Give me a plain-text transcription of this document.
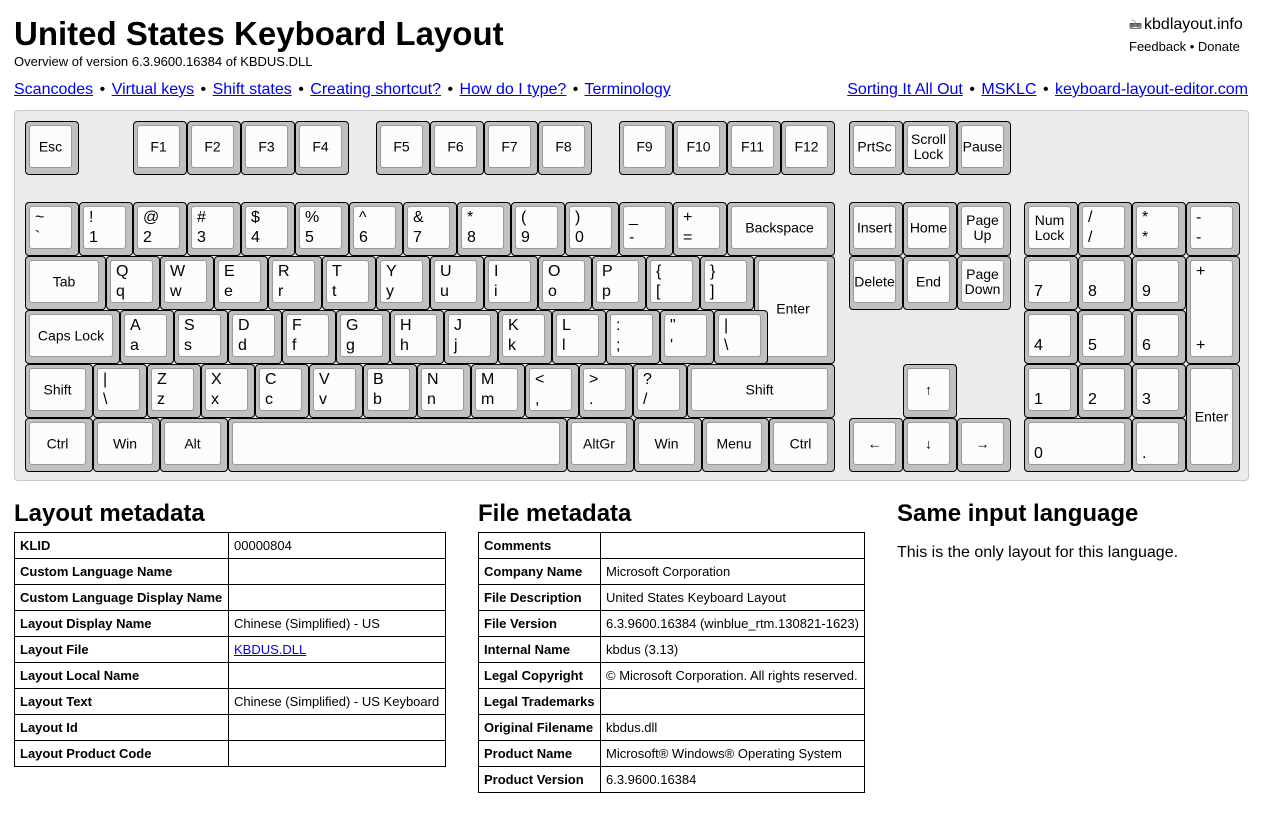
United States Keyboard Layout
Overview of version 6.3.9600.16384 of KBDUS.DLL
🖮 kbdlayout.info
Feedback • Donate
Scancodes • Virtual keys • Shift states • Creating shortcut? • How do I type? • Terminology	Sorting It All Out • MSKLC • keyboard-layout-editor.com
Esc	F1	F2	F3	F4	F5	F6	F7	F8	F9	F10	F11	F12	PrtSc Scroll
Lock	Pause
~
`
!
1
@
2
#
3
$
4
%
5
^
6
&
7
*
8
(
9
)
0
_
-
+
=
Backspace
Tab
Q
q
W
w
E
e
R
r
T
t
Y
y
U
u
I
i
O
o
P
p
{
[
}
]
Enter
Caps Lock
A
a
S
s
D
d
F
f
G
g
H
h
J
j
K
k
L
l
:
;
"
'
|
\
Shift
|
\
Z
z
X
x
C
c
V
v
B
b
N
n
M
m
<
,
>
.
?
/
Shift
Ctrl	Win	Alt	AltGr	Win	Menu	Ctrl
Insert Home Page
Up
Delete	End	Page
Down
↑
←	↓	→
Num
Lock
/
/
*
*
-
-
7	8	9
4	5	6
1	2	3
+
+
0	.
Enter
Layout metadata
KLID	00000804
Custom Language Name	
Custom Language Display Name	
Layout Display Name	Chinese (Simplified) - US
Layout File	KBDUS.DLL
Layout Local Name	
Layout Text	Chinese (Simplified) - US Keyboard
Layout Id	
Layout Product Code	
File metadata
Comments	
Company Name	Microsoft Corporation
File Description	United States Keyboard Layout
File Version	6.3.9600.16384 (winblue_rtm.130821-1623)
Internal Name	kbdus (3.13)
Legal Copyright	© Microsoft Corporation. All rights reserved.
Legal Trademarks	
Original Filename	kbdus.dll
Product Name	Microsoft® Windows® Operating System
Product Version	6.3.9600.16384
Same input language
This is the only layout for this language.
